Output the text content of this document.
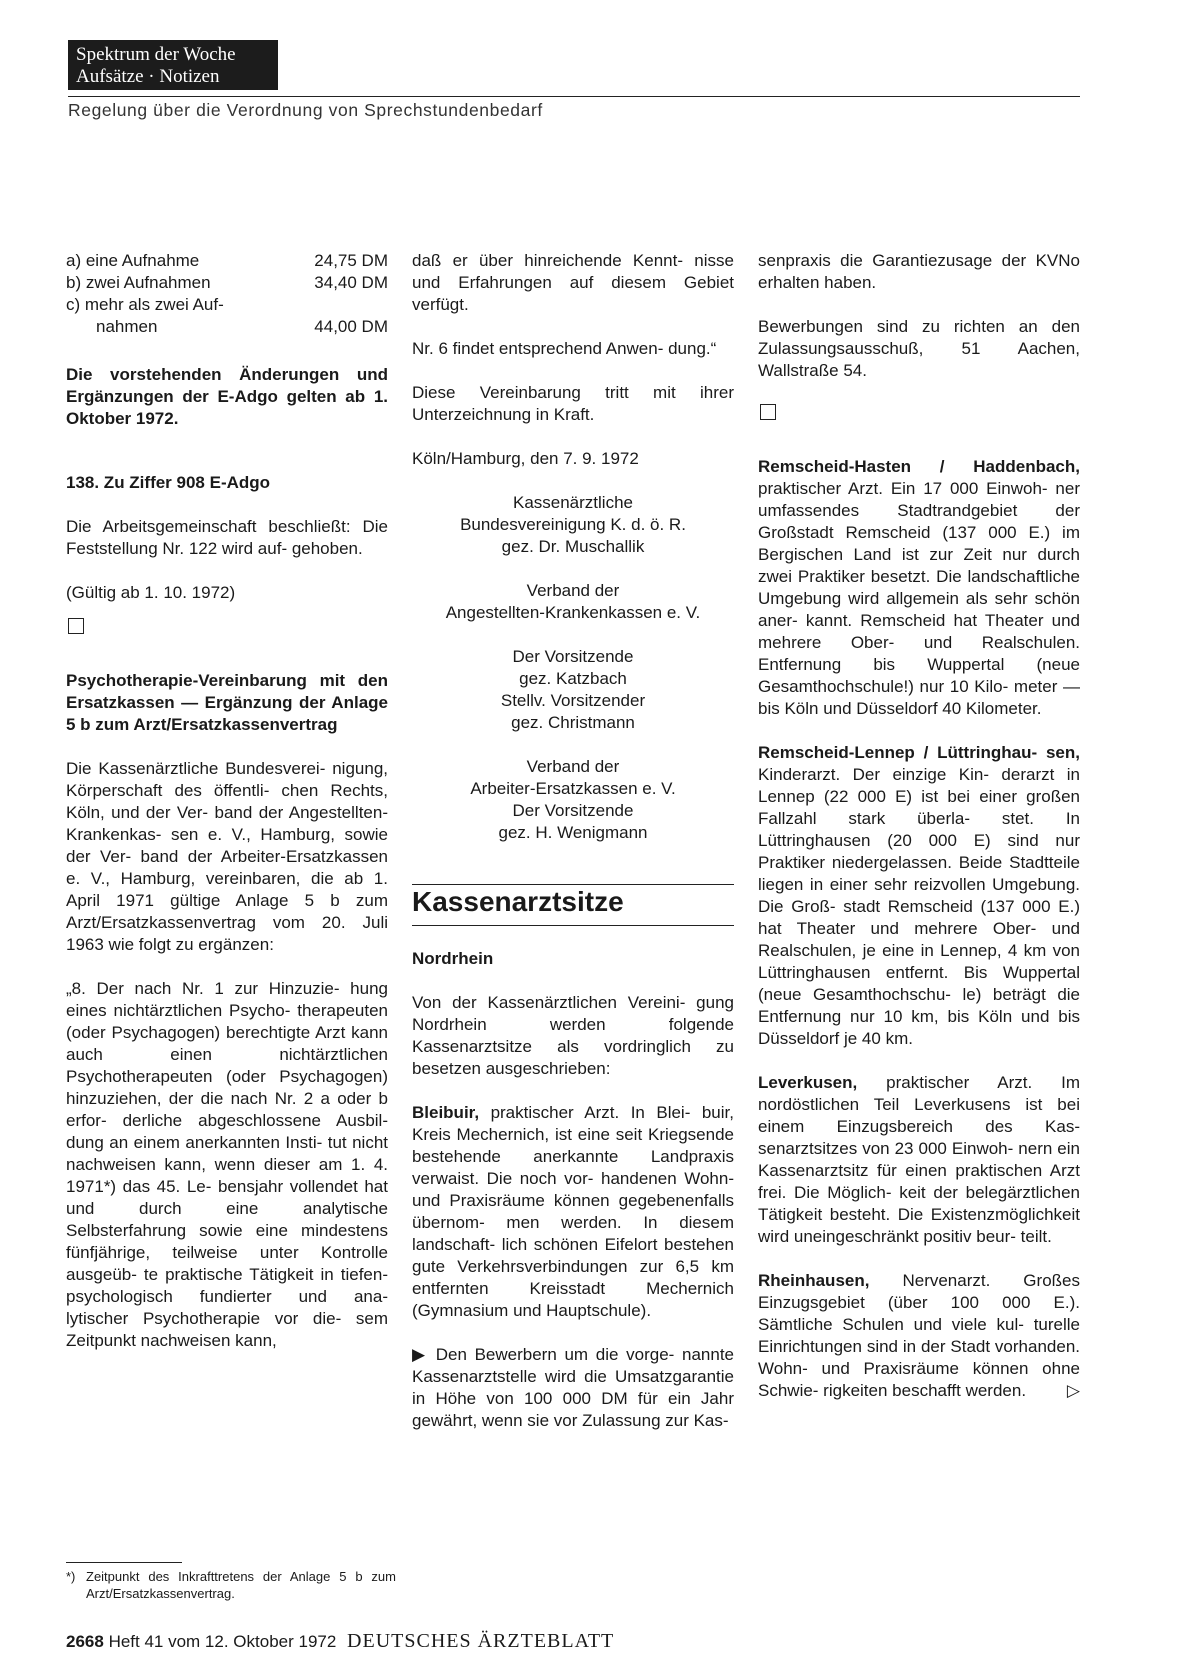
Spektrum der Woche
Aufsätze · Notizen
Regelung über die Verordnung von Sprechstundenbedarf
a) eine Aufnahme	24,75 DM
b) zwei Aufnahmen	34,40 DM
c) mehr als zwei Auf-	
nahmen	44,00 DM

Die vorstehenden Änderungen und Ergänzungen der E-Adgo gelten ab 1. Oktober 1972.

138. Zu Ziffer 908 E-Adgo

Die Arbeitsgemeinschaft beschließt: Die Feststellung Nr. 122 wird auf- gehoben.

(Gültig ab 1. 10. 1972)

Psychotherapie-Vereinbarung mit den Ersatzkassen — Ergänzung der Anlage 5 b zum Arzt/Ersatzkassenvertrag

Die Kassenärztliche Bundesverei- nigung, Körperschaft des öffentli- chen Rechts, Köln, und der Ver- band der Angestellten-Krankenkas- sen e. V., Hamburg, sowie der Ver- band der Arbeiter-Ersatzkassen e. V., Hamburg, vereinbaren, die ab 1. April 1971 gültige Anlage 5 b zum Arzt/Ersatzkassenvertrag vom 20. Juli 1963 wie folgt zu ergänzen:

„8. Der nach Nr. 1 zur Hinzuzie- hung eines nichtärztlichen Psycho- therapeuten (oder Psychagogen) berechtigte Arzt kann auch einen nichtärztlichen Psychotherapeuten (oder Psychagogen) hinzuziehen, der die nach Nr. 2 a oder b erfor- derliche abgeschlossene Ausbil- dung an einem anerkannten Insti- tut nicht nachweisen kann, wenn dieser am 1. 4. 1971*) das 45. Le- bensjahr vollendet hat und durch eine analytische Selbsterfahrung sowie eine mindestens fünfjährige, teilweise unter Kontrolle ausgeüb- te praktische Tätigkeit in tiefen- psychologisch fundierter und ana- lytischer Psychotherapie vor die- sem Zeitpunkt nachweisen kann,

daß er über hinreichende Kennt- nisse und Erfahrungen auf diesem Gebiet verfügt.

Nr. 6 findet entsprechend Anwen- dung.“

Diese Vereinbarung tritt mit ihrer Unterzeichnung in Kraft.

Köln/Hamburg, den 7. 9. 1972

Kassenärztliche
Bundesvereinigung K. d. ö. R.
gez. Dr. Muschallik

Verband der
Angestellten-Krankenkassen e. V.

Der Vorsitzende
gez. Katzbach
Stellv. Vorsitzender
gez. Christmann

Verband der
Arbeiter-Ersatzkassen e. V.
Der Vorsitzende
gez. H. Wenigmann

Kassenarztsitze

Nordrhein

Von der Kassenärztlichen Vereini- gung Nordrhein werden folgende Kassenarztsitze als vordringlich zu besetzen ausgeschrieben:

Bleibuir, praktischer Arzt. In Blei- buir, Kreis Mechernich, ist eine seit Kriegsende bestehende anerkannte Landpraxis verwaist. Die noch vor- handenen Wohn- und Praxisräume können gegebenenfalls übernom- men werden. In diesem landschaft- lich schönen Eifelort bestehen gute Verkehrsverbindungen zur 6,5 km entfernten Kreisstadt Mechernich (Gymnasium und Hauptschule).

▶ Den Bewerbern um die vorge- nannte Kassenarztstelle wird die Umsatzgarantie in Höhe von 100 000 DM für ein Jahr gewährt, wenn sie vor Zulassung zur Kas-

senpraxis die Garantiezusage der KVNo erhalten haben.

Bewerbungen sind zu richten an den Zulassungsausschuß, 51 Aachen, Wallstraße 54.

Remscheid-Hasten / Haddenbach, praktischer Arzt. Ein 17 000 Einwoh- ner umfassendes Stadtrandgebiet der Großstadt Remscheid (137 000 E.) im Bergischen Land ist zur Zeit nur durch zwei Praktiker besetzt. Die landschaftliche Umgebung wird allgemein als sehr schön aner- kannt. Remscheid hat Theater und mehrere Ober- und Realschulen. Entfernung bis Wuppertal (neue Gesamthochschule!) nur 10 Kilo- meter — bis Köln und Düsseldorf 40 Kilometer.

Remscheid-Lennep / Lüttringhau- sen, Kinderarzt. Der einzige Kin- derarzt in Lennep (22 000 E) ist bei einer großen Fallzahl stark überla- stet. In Lüttringhausen (20 000 E) sind nur Praktiker niedergelassen. Beide Stadtteile liegen in einer sehr reizvollen Umgebung. Die Groß- stadt Remscheid (137 000 E.) hat Theater und mehrere Ober- und Realschulen, je eine in Lennep, 4 km von Lüttringhausen entfernt. Bis Wuppertal (neue Gesamthochschu- le) beträgt die Entfernung nur 10 km, bis Köln und bis Düsseldorf je 40 km.

Leverkusen, praktischer Arzt. Im nordöstlichen Teil Leverkusens ist bei einem Einzugsbereich des Kas- senarztsitzes von 23 000 Einwoh- nern ein Kassenarztsitz für einen praktischen Arzt frei. Die Möglich- keit der belegärztlichen Tätigkeit besteht. Die Existenzmöglichkeit wird uneingeschränkt positiv beur- teilt.

Rheinhausen, Nervenarzt. Großes Einzugsgebiet (über 100 000 E.). Sämtliche Schulen und viele kul- turelle Einrichtungen sind in der Stadt vorhanden. Wohn- und Praxisräume können ohne Schwie- rigkeiten beschafft werden. ▷

*) Zeitpunkt des Inkrafttretens der Anlage 5 b zum Arzt/Ersatzkassenvertrag.
2668 Heft 41 vom 12. Oktober 1972 DEUTSCHES ÄRZTEBLATT
